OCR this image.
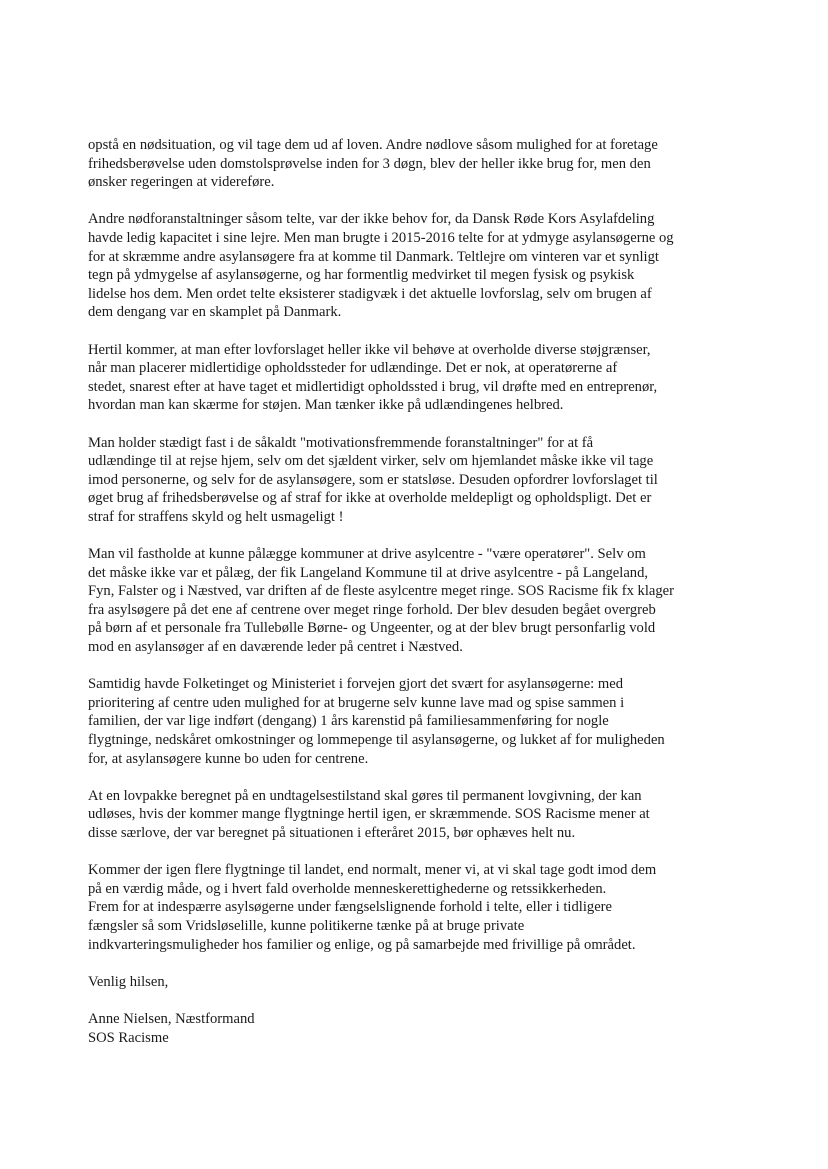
opstå en nødsituation, og vil tage dem ud af loven. Andre nødlove såsom mulighed for at foretage
frihedsberøvelse uden domstolsprøvelse inden for 3 døgn, blev der heller ikke brug for, men den
ønsker regeringen at videreføre.

Andre nødforanstaltninger såsom telte, var der ikke behov for, da Dansk Røde Kors Asylafdeling
havde ledig kapacitet i sine lejre. Men man brugte i 2015-2016 telte for at ydmyge asylansøgerne og
for at skræmme andre asylansøgere fra at komme til Danmark. Teltlejre om vinteren var et synligt
tegn på ydmygelse af asylansøgerne, og har formentlig medvirket til megen fysisk og psykisk
lidelse hos dem. Men ordet telte eksisterer stadigvæk i det aktuelle lovforslag, selv om brugen af
dem dengang var en skamplet på Danmark.

Hertil kommer, at man efter lovforslaget heller ikke vil behøve at overholde diverse støjgrænser,
når man placerer midlertidige opholdssteder for udlændinge. Det er nok, at operatørerne af
stedet, snarest efter at have taget et midlertidigt opholdssted i brug, vil drøfte med en entreprenør,
hvordan man kan skærme for støjen. Man tænker ikke på udlændingenes helbred.

Man holder stædigt fast i de såkaldt "motivationsfremmende foranstaltninger" for at få
udlændinge til at rejse hjem, selv om det sjældent virker, selv om hjemlandet måske ikke vil tage
imod personerne, og selv for de asylansøgere, som er statsløse. Desuden opfordrer lovforslaget til
øget brug af frihedsberøvelse og af straf for ikke at overholde meldepligt og opholdspligt. Det er
straf for straffens skyld og helt usmageligt !

Man vil fastholde at kunne pålægge kommuner at drive asylcentre - "være operatører". Selv om
det måske ikke var et pålæg, der fik Langeland Kommune til at drive asylcentre - på Langeland,
Fyn, Falster og i Næstved, var driften af de fleste asylcentre meget ringe. SOS Racisme fik fx klager
fra asylsøgere på det ene af centrene over meget ringe forhold. Der blev desuden begået overgreb
på børn af et personale fra Tullebølle Børne- og Ungeenter, og at der blev brugt personfarlig vold
mod en asylansøger af en daværende leder på centret i Næstved.

Samtidig havde Folketinget og Ministeriet i forvejen gjort det svært for asylansøgerne: med
prioritering af centre uden mulighed for at brugerne selv kunne lave mad og spise sammen i
familien, der var lige indført (dengang) 1 års karenstid på familiesammenføring for nogle
flygtninge, nedskåret omkostninger og lommepenge til asylansøgerne, og lukket af for muligheden
for, at asylansøgere kunne bo uden for centrene.

At en lovpakke beregnet på en undtagelsestilstand skal gøres til permanent lovgivning, der kan
udløses, hvis der kommer mange flygtninge hertil igen, er skræmmende. SOS Racisme mener at
disse særlove, der var beregnet på situationen i efteråret 2015, bør ophæves helt nu.

Kommer der igen flere flygtninge til landet, end normalt, mener vi, at vi skal tage godt imod dem
på en værdig måde, og i hvert fald overholde menneskerettighederne og retssikkerheden.
Frem for at indespærre asylsøgerne under fængselslignende forhold i telte, eller i tidligere
fængsler så som Vridsløselille, kunne politikerne tænke på at bruge private
indkvarteringsmuligheder hos familier og enlige, og på samarbejde med frivillige på området.

Venlig hilsen,

Anne Nielsen, Næstformand

SOS Racisme
